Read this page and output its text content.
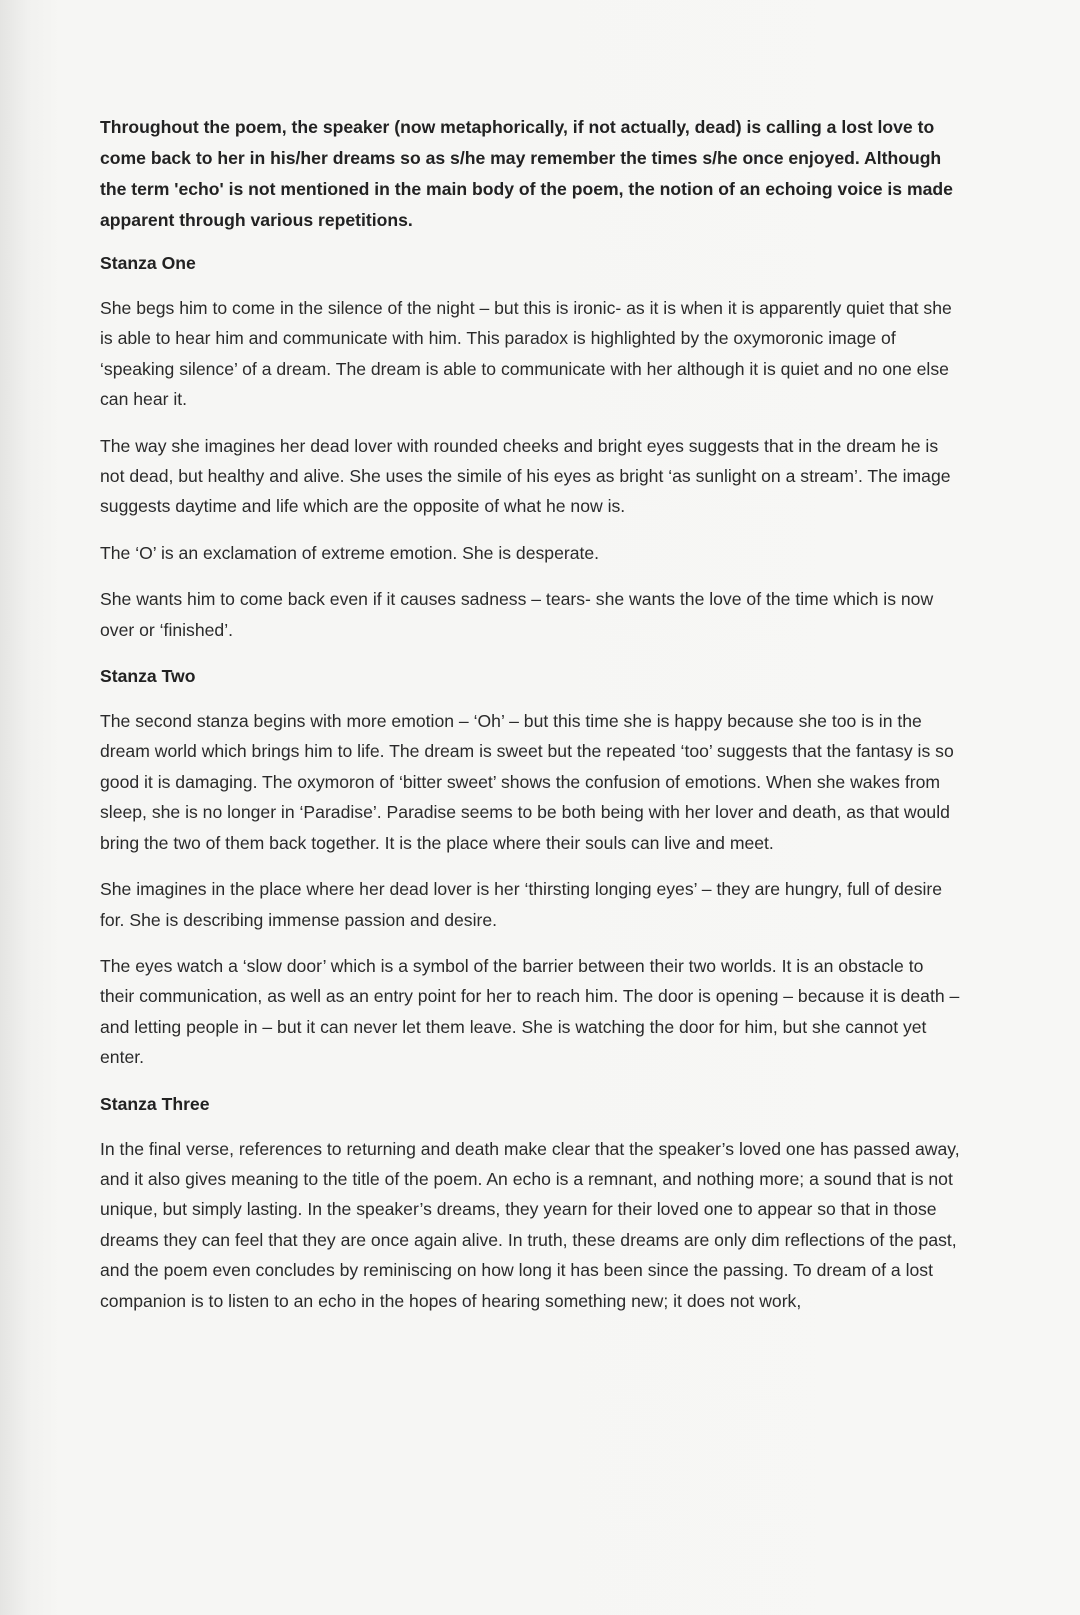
Throughout the poem, the speaker (now metaphorically, if not actually, dead) is calling a lost love to come back to her in his/her dreams so as s/he may remember the times s/he once enjoyed. Although the term 'echo' is not mentioned in the main body of the poem, the notion of an echoing voice is made apparent through various repetitions.

Stanza One

She begs him to come in the silence of the night – but this is ironic- as it is when it is apparently quiet that she is able to hear him and communicate with him. This paradox is highlighted by the oxymoronic image of ‘speaking silence’ of a dream. The dream is able to communicate with her although it is quiet and no one else can hear it.

The way she imagines her dead lover with rounded cheeks and bright eyes suggests that in the dream he is not dead, but healthy and alive. She uses the simile of his eyes as bright ‘as sunlight on a stream’. The image suggests daytime and life which are the opposite of what he now is.

The ‘O’ is an exclamation of extreme emotion. She is desperate.

She wants him to come back even if it causes sadness – tears- she wants the love of the time which is now over or ‘finished’.

Stanza Two

The second stanza begins with more emotion – ‘Oh’ – but this time she is happy because she too is in the dream world which brings him to life. The dream is sweet but the repeated ‘too’ suggests that the fantasy is so good it is damaging. The oxymoron of ‘bitter sweet’ shows the confusion of emotions. When she wakes from sleep, she is no longer in ‘Paradise’. Paradise seems to be both being with her lover and death, as that would bring the two of them back together. It is the place where their souls can live and meet.

She imagines in the place where her dead lover is her ‘thirsting longing eyes’ – they are hungry, full of desire for. She is describing immense passion and desire.

The eyes watch a ‘slow door’ which is a symbol of the barrier between their two worlds. It is an obstacle to their communication, as well as an entry point for her to reach him. The door is opening – because it is death – and letting people in – but it can never let them leave. She is watching the door for him, but she cannot yet enter.

Stanza Three

In the final verse, references to returning and death make clear that the speaker’s loved one has passed away, and it also gives meaning to the title of the poem. An echo is a remnant, and nothing more; a sound that is not unique, but simply lasting. In the speaker’s dreams, they yearn for their loved one to appear so that in those dreams they can feel that they are once again alive. In truth, these dreams are only dim reflections of the past, and the poem even concludes by reminiscing on how long it has been since the passing. To dream of a lost companion is to listen to an echo in the hopes of hearing something new; it does not work,
